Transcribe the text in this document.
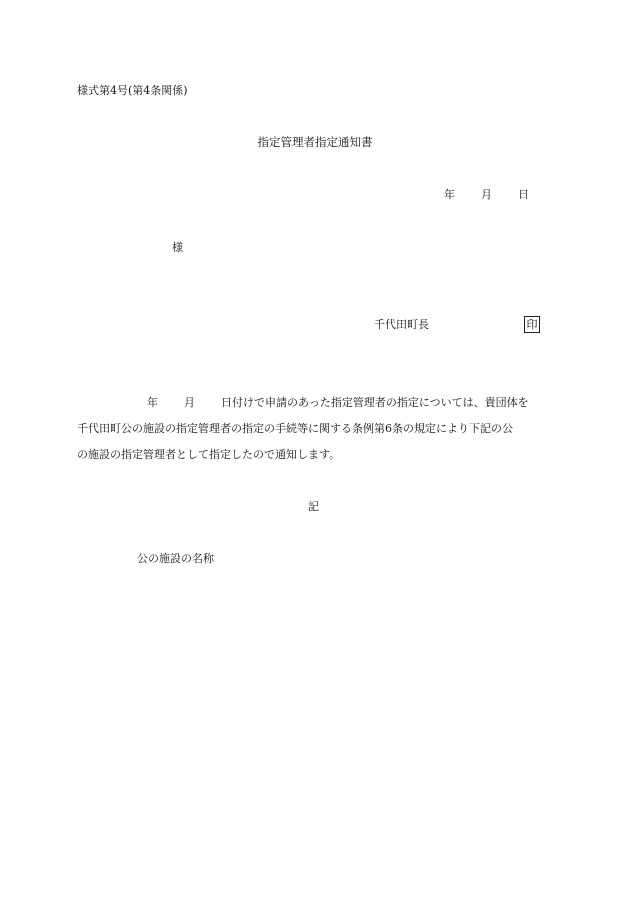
様式第4号(第4条関係)
指定管理者指定通知書
年 月 日
様
千代田町長	印
年 月 日付けで申請のあった指定管理者の指定については、貴団体を
千代田町公の施設の指定管理者の指定の手続等に関する条例第6条の規定により下記の公
の施設の指定管理者として指定したので通知します。
記
公の施設の名称
